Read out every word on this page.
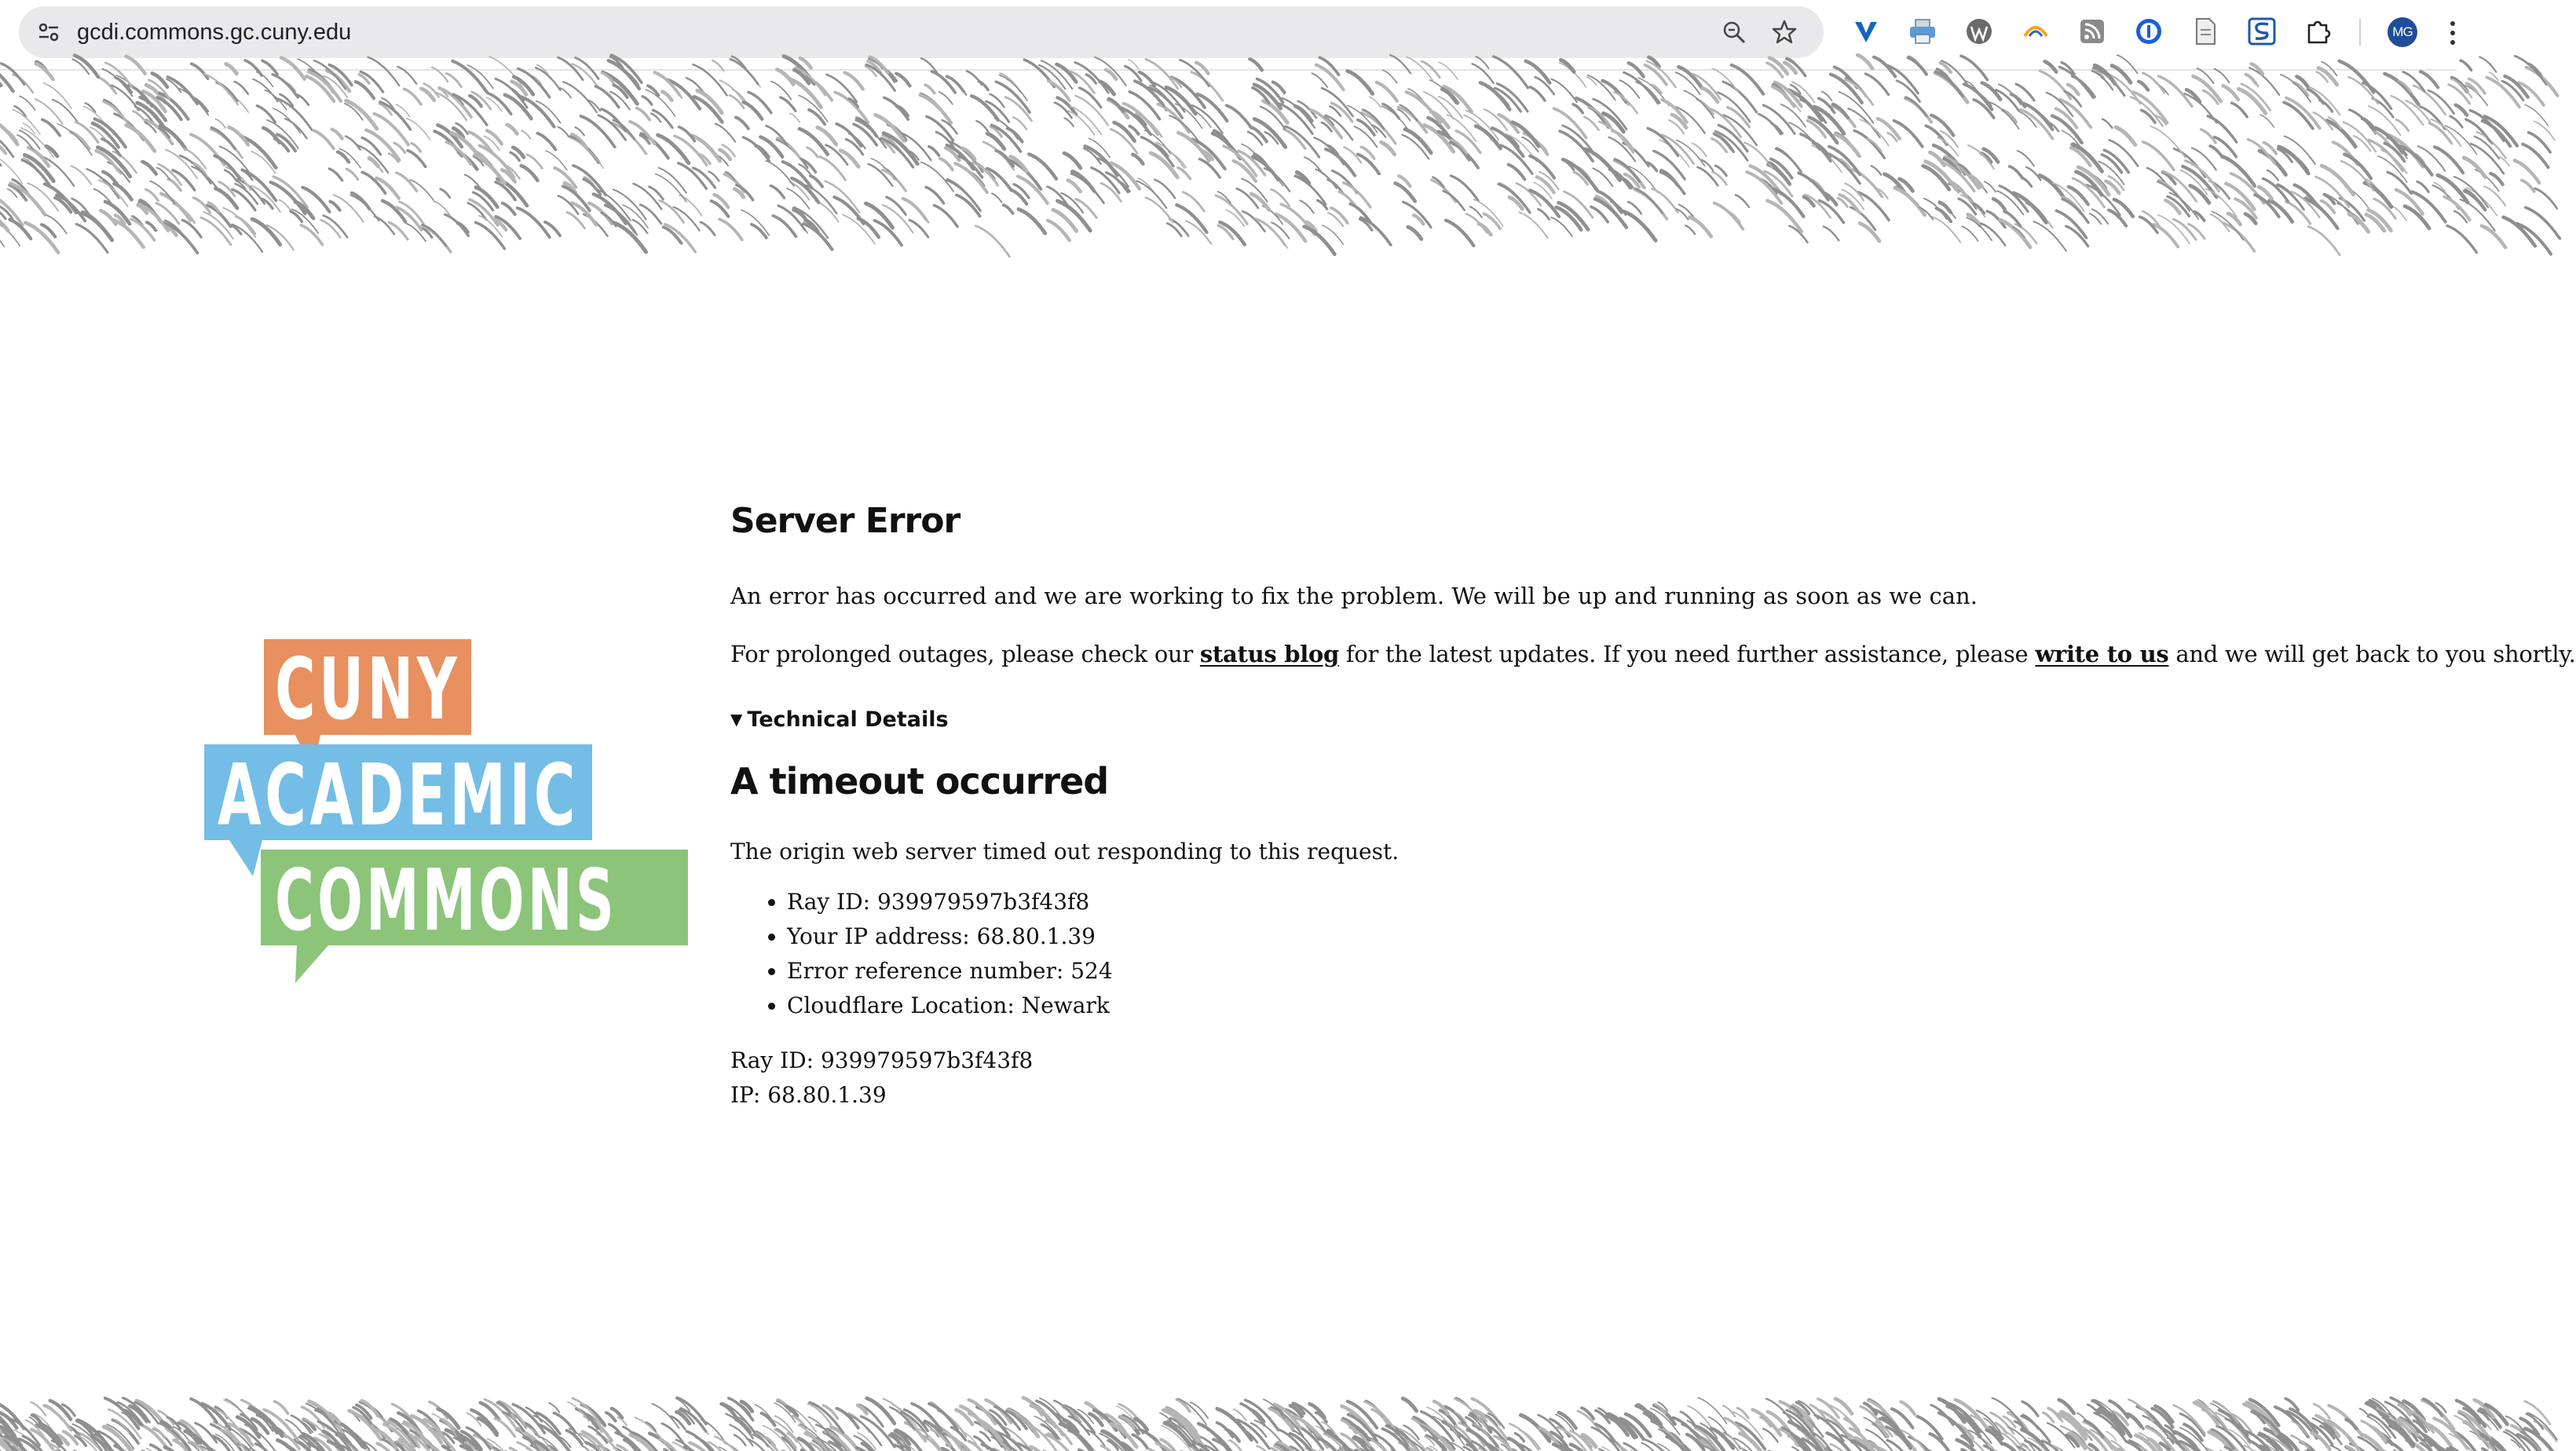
gcdi.commons.gc.cuny.edu	MG
CUNY
ACADEMIC
COMMONS
Server Error

An error has occurred and we are working to fix the problem. We will be up and running as soon as we can.

For prolonged outages, please check our status blog for the latest updates. If you need further assistance, please write to us and we will get back to you shortly.

▼ Technical Details
A timeout occurred

The origin web server timed out responding to this request.

• Ray ID: 939979597b3f43f8
• Your IP address: 68.80.1.39
• Error reference number: 524
• Cloudflare Location: Newark
Ray ID: 939979597b3f43f8
IP: 68.80.1.39
